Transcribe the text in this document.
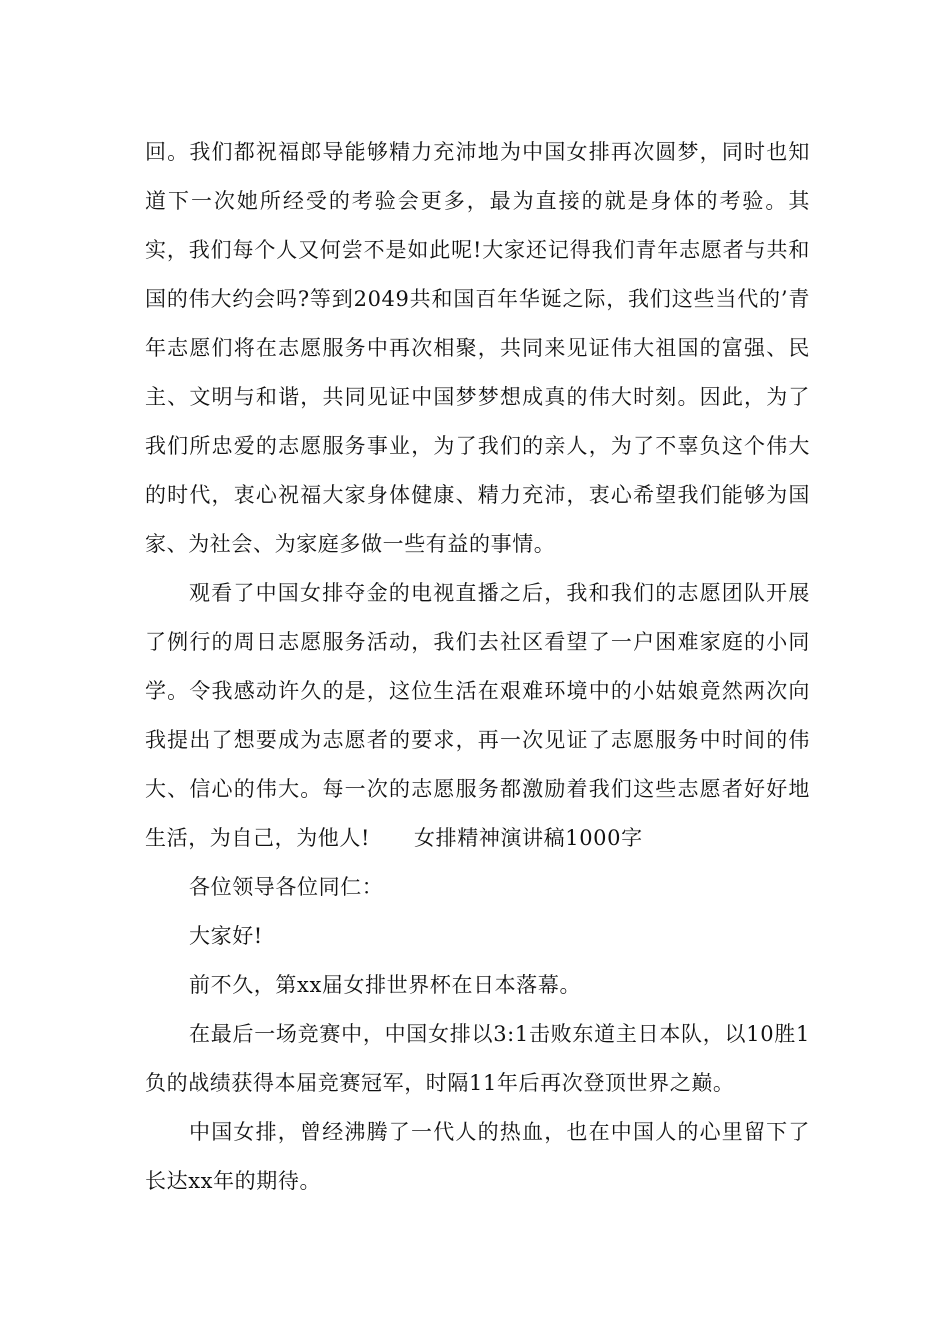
回。我们都祝福郎导能够精力充沛地为中国女排再次圆梦，同时也知道下一次她所经受的考验会更多，最为直接的就是身体的考验。其实，我们每个人又何尝不是如此呢!大家还记得我们青年志愿者与共和国的伟大约会吗?等到2049共和国百年华诞之际，我们这些当代的’青年志愿们将在志愿服务中再次相聚，共同来见证伟大祖国的富强、民主、文明与和谐，共同见证中国梦梦想成真的伟大时刻。因此，为了我们所忠爱的志愿服务事业，为了我们的亲人，为了不辜负这个伟大的时代，衷心祝福大家身体健康、精力充沛，衷心希望我们能够为国家、为社会、为家庭多做一些有益的事情。

观看了中国女排夺金的电视直播之后，我和我们的志愿团队开展了例行的周日志愿服务活动，我们去社区看望了一户困难家庭的小同学。令我感动许久的是，这位生活在艰难环境中的小姑娘竟然两次向我提出了想要成为志愿者的要求，再一次见证了志愿服务中时间的伟大、信心的伟大。每一次的志愿服务都激励着我们这些志愿者好好地生活，为自己，为他人! 女排精神演讲稿1000字

各位领导各位同仁：

大家好!

前不久，第xx届女排世界杯在日本落幕。

在最后一场竞赛中，中国女排以3:1击败东道主日本队，以10胜1负的战绩获得本届竞赛冠军，时隔11年后再次登顶世界之巅。

中国女排，曾经沸腾了一代人的热血，也在中国人的心里留下了长达xx年的期待。
